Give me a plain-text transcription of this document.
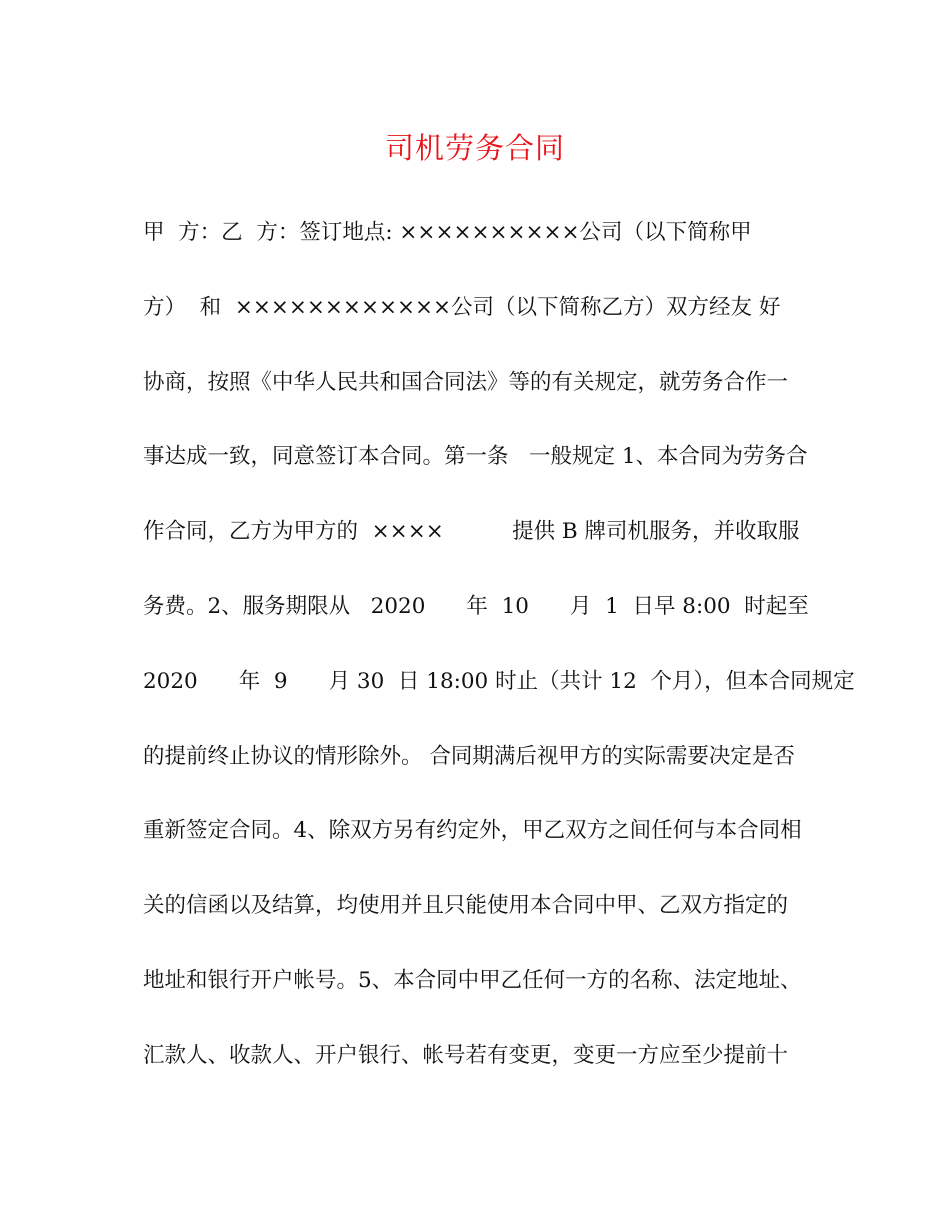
司机劳务合同
甲  方：乙  方：签订地点: ××××××××××公司（以下简称甲
方）  和  ××××××××××××公司（以下简称乙方）双方经友 好
协商，按照《中华人民共和国合同法》等的有关规定，就劳务合作一
事达成一致，同意签订本合同。第一条   一般规定 1、本合同为劳务合
作合同，乙方为甲方的  ××××          提供 B 牌司机服务，并收取服
务费。2、服务期限从   2020      年  10      月  1  日早 8:00  时起至
2020      年  9      月 30  日 18:00 时止（共计 12  个月），但本合同规定
的提前终止协议的情形除外。 合同期满后视甲方的实际需要决定是否
重新签定合同。4、除双方另有约定外，甲乙双方之间任何与本合同相
关的信函以及结算，均使用并且只能使用本合同中甲、乙双方指定的
地址和银行开户帐号。5、本合同中甲乙任何一方的名称、法定地址、
汇款人、收款人、开户银行、帐号若有变更，变更一方应至少提前十
